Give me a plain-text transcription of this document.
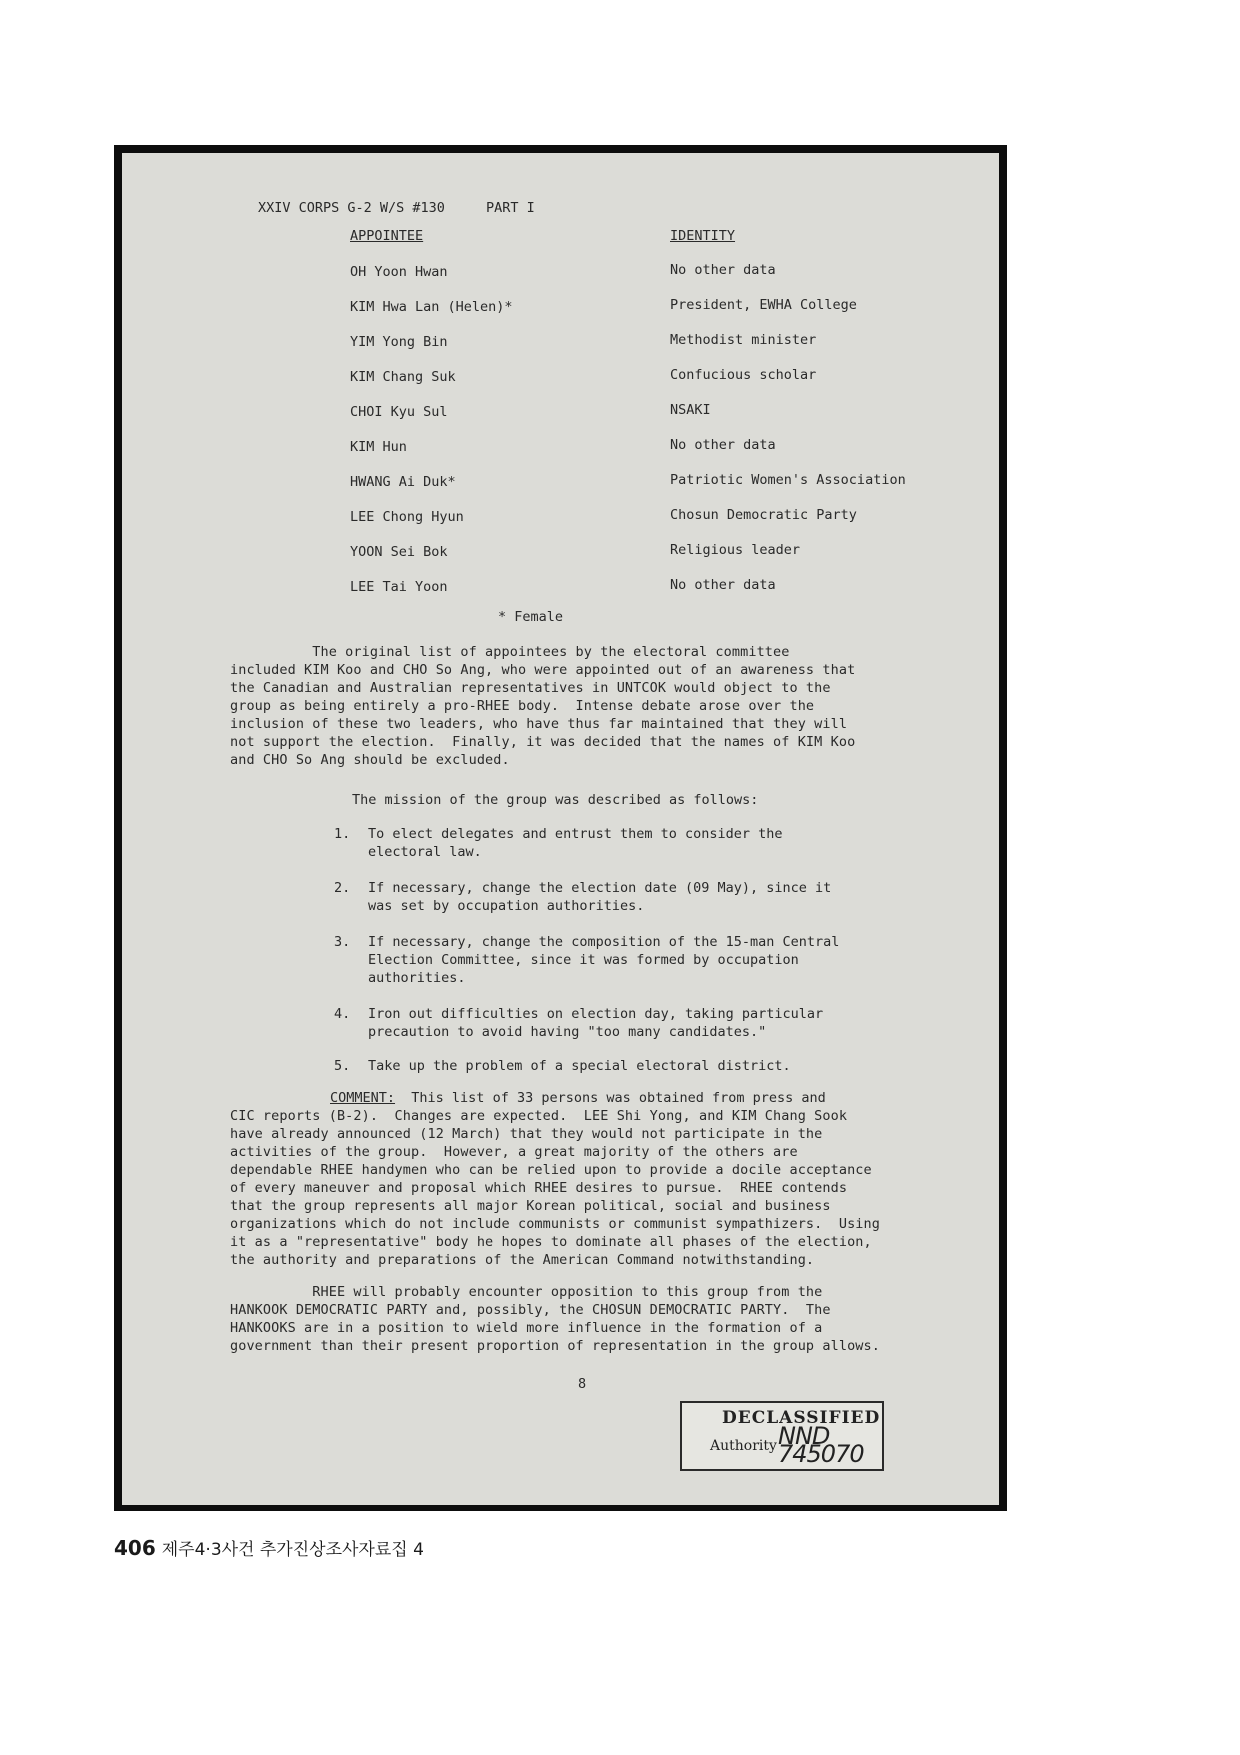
XXIV CORPS G-2 W/S #130	PART I
APPOINTEE	IDENTITY
OH Yoon Hwan	No other data
KIM Hwa Lan (Helen)*	President, EWHA College
YIM Yong Bin	Methodist minister
KIM Chang Suk	Confucious scholar
CHOI Kyu Sul	NSAKI
KIM Hun	No other data
HWANG Ai Duk*	Patriotic Women's Association
LEE Chong Hyun	Chosun Democratic Party
YOON Sei Bok	Religious leader
LEE Tai Yoon	No other data
* Female
The original list of appointees by the electoral committee
included KIM Koo and CHO So Ang, who were appointed out of an awareness that
the Canadian and Australian representatives in UNTCOK would object to the
group as being entirely a pro-RHEE body.  Intense debate arose over the
inclusion of these two leaders, who have thus far maintained that they will
not support the election.  Finally, it was decided that the names of KIM Koo
and CHO So Ang should be excluded.
The mission of the group was described as follows:
1. To elect delegates and entrust them to consider the
electoral law.
2. If necessary, change the election date (09 May), since it
was set by occupation authorities.
3. If necessary, change the composition of the 15-man Central
Election Committee, since it was formed by occupation
authorities.
4. Iron out difficulties on election day, taking particular
precaution to avoid having "too many candidates."
5. Take up the problem of a special electoral district.
COMMENT:  This list of 33 persons was obtained from press and
CIC reports (B-2).  Changes are expected.  LEE Shi Yong, and KIM Chang Sook
have already announced (12 March) that they would not participate in the
activities of the group.  However, a great majority of the others are
dependable RHEE handymen who can be relied upon to provide a docile acceptance
of every maneuver and proposal which RHEE desires to pursue.  RHEE contends
that the group represents all major Korean political, social and business
organizations which do not include communists or communist sympathizers.  Using
it as a "representative" body he hopes to dominate all phases of the election,
the authority and preparations of the American Command notwithstanding.
RHEE will probably encounter opposition to this group from the
HANKOOK DEMOCRATIC PARTY and, possibly, the CHOSUN DEMOCRATIC PARTY.  The
HANKOOKS are in a position to wield more influence in the formation of a
government than their present proportion of representation in the group allows.
8
DECLASSIFIED
Authority NND 745070
406 제주4·3사건 추가진상조사자료집 4
